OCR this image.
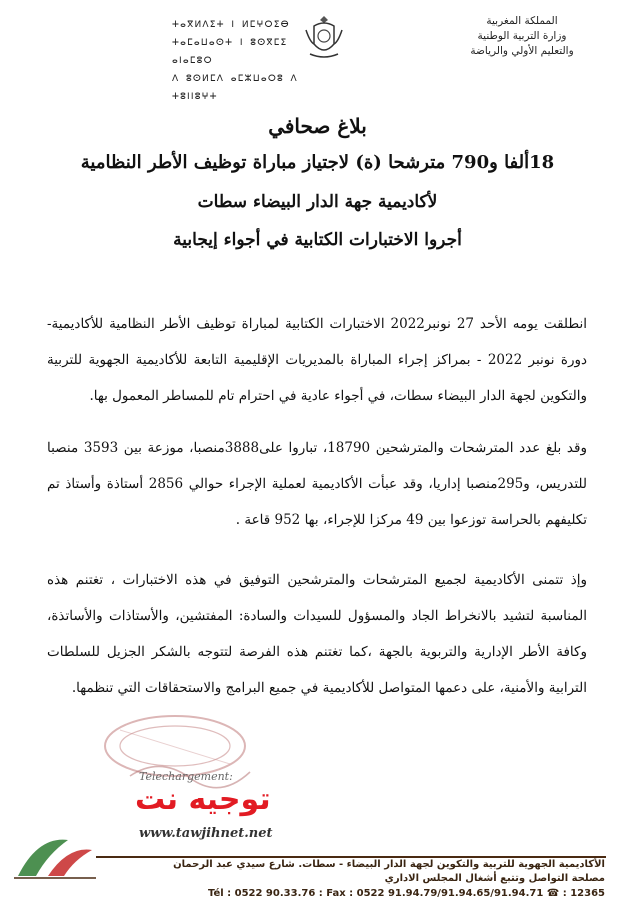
المملكة المغربية
وزارة التربية الوطنية
والتعليم الأولي والرياضة
ⵜⴰⴳⵍⴷⵉⵜ ⵏ ⵍⵎⵖⵔⵉⴱ
ⵜⴰⵎⴰⵡⴰⵙⵜ ⵏ ⵓⵙⴳⵎⵉ ⴰⵏⴰⵎⵓⵔ
ⴷ ⵓⵙⵍⵎⴷ ⴰⵎⵣⵡⴰⵔⵓ ⴷ ⵜⵓⵏⵏⵓⵖⵜ
بلاغ صحافي
18ألفا و790 مترشحا (ة) لاجتياز مباراة توظيف الأطر النظامية
لأكاديمية جهة الدار البيضاء سطات
أجروا الاختبارات الكتابية في أجواء إيجابية
انطلقت يومه الأحد 27 نونبر2022 الاختبارات الكتابية لمباراة توظيف الأطر النظامية للأكاديمية- دورة نونبر 2022 - بمراكز إجراء المباراة بالمديريات الإقليمية التابعة للأكاديمية الجهوية للتربية والتكوين لجهة الدار البيضاء سطات، في أجواء عادية في احترام تام للمساطر المعمول بها.
وقد بلغ عدد المترشحات والمترشحين 18790، تباروا على3888منصبا، موزعة بين 3593 منصبا للتدريس، و295منصبا إداريا، وقد عبأت الأكاديمية لعملية الإجراء حوالي 2856 أستاذة وأستاذ تم تكليفهم بالحراسة توزعوا بين 49 مركزا للإجراء، بها 952 قاعة .
وإذ تتمنى الأكاديمية لجميع المترشحات والمترشحين التوفيق في هذه الاختبارات ، تغتنم هذه المناسبة لتشيد بالانخراط الجاد والمسؤول للسيدات والسادة: المفتشين، والأستاذات والأساتذة، وكافة الأطر الإدارية والتربوية بالجهة ،كما تغتنم هذه الفرصة لتتوجه بالشكر الجزيل للسلطات الترابية والأمنية، على دعمها المتواصل للأكاديمية في جميع البرامج والاستحقاقات التي تنظمها.
Telechargement:
توجيه نت
www.tawjihnet.net
الأكاديمية الجهوية للتربية والتكوين لجهة الدار البيضاء - سطات. شارع سيدي عبد الرحمان
مصلحة التواصل وتتبع أشغال المجلس الاداري
Tél : 0522 90.33.76 : Fax : 0522 91.94.79/91.94.65/91.94.71 ☎ : 12365
